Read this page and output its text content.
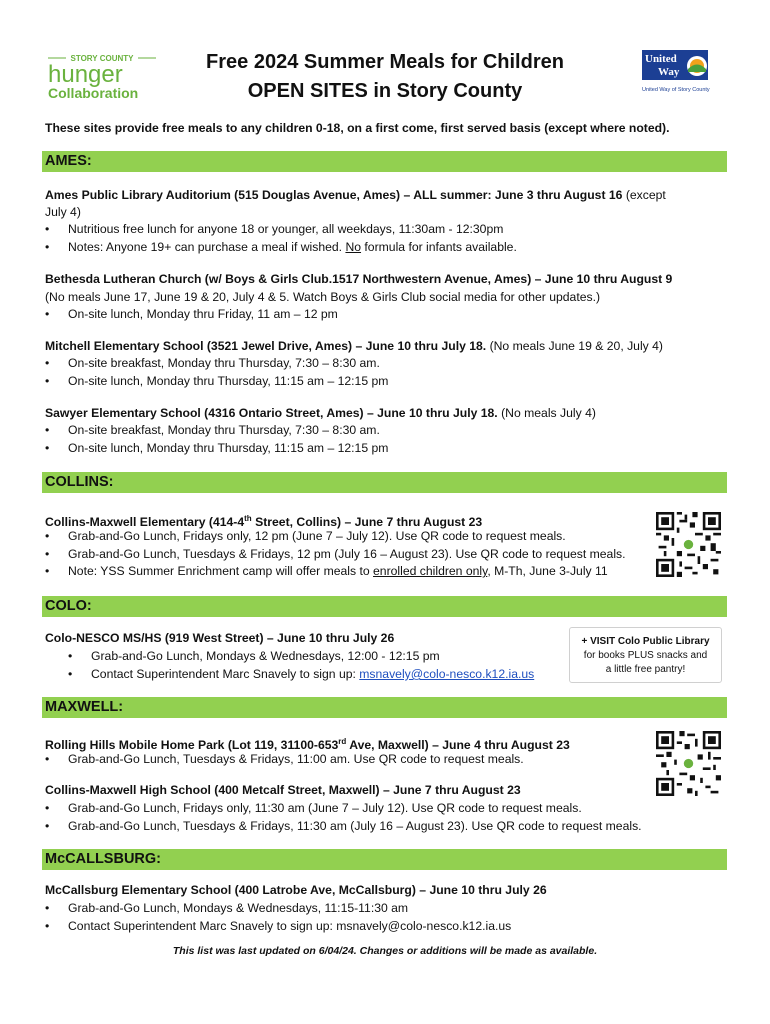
STORY COUNTY
hunger
Collaboration
United
Way
United Way of Story County
Free 2024 Summer Meals for Children
OPEN SITES in Story County
These sites provide free meals to any children 0-18, on a first come, first served basis (except where noted).
AMES:
Ames Public Library Auditorium (515 Douglas Avenue, Ames) – ALL summer: June 3 thru August 16 (except
July 4)
• Nutritious free lunch for anyone 18 or younger, all weekdays, 11:30am - 12:30pm
• Notes: Anyone 19+ can purchase a meal if wished. No formula for infants available.
Bethesda Lutheran Church (w/ Boys & Girls Club.1517 Northwestern Avenue, Ames) – June 10 thru August 9
(No meals June 17, June 19 & 20, July 4 & 5. Watch Boys & Girls Club social media for other updates.)
• On-site lunch, Monday thru Friday, 11 am – 12 pm
Mitchell Elementary School (3521 Jewel Drive, Ames) – June 10 thru July 18. (No meals June 19 & 20, July 4)
• On-site breakfast, Monday thru Thursday, 7:30 – 8:30 am.
• On-site lunch, Monday thru Thursday, 11:15 am – 12:15 pm
Sawyer Elementary School (4316 Ontario Street, Ames) – June 10 thru July 18. (No meals July 4)
• On-site breakfast, Monday thru Thursday, 7:30 – 8:30 am.
• On-site lunch, Monday thru Thursday, 11:15 am – 12:15 pm
COLLINS:
Collins-Maxwell Elementary (414-4th Street, Collins) – June 7 thru August 23
• Grab-and-Go Lunch, Fridays only, 12 pm (June 7 – July 12). Use QR code to request meals.
• Grab-and-Go Lunch, Tuesdays & Fridays, 12 pm (July 16 – August 23). Use QR code to request meals.
• Note: YSS Summer Enrichment camp will offer meals to enrolled children only, M-Th, June 3-July 11
COLO:
Colo-NESCO MS/HS (919 West Street) – June 10 thru July 26
• Grab-and-Go Lunch, Mondays & Wednesdays, 12:00 - 12:15 pm
• Contact Superintendent Marc Snavely to sign up: msnavely@colo-nesco.k12.ia.us
+ VISIT Colo Public Library
for books PLUS snacks and
a little free pantry!
MAXWELL:
Rolling Hills Mobile Home Park (Lot 119, 31100-653rd Ave, Maxwell) – June 4 thru August 23
• Grab-and-Go Lunch, Tuesdays & Fridays, 11:00 am. Use QR code to request meals.
Collins-Maxwell High School (400 Metcalf Street, Maxwell) – June 7 thru August 23
• Grab-and-Go Lunch, Fridays only, 11:30 am (June 7 – July 12). Use QR code to request meals.
• Grab-and-Go Lunch, Tuesdays & Fridays, 11:30 am (July 16 – August 23). Use QR code to request meals.
McCALLSBURG:
McCallsburg Elementary School (400 Latrobe Ave, McCallsburg) – June 10 thru July 26
• Grab-and-Go Lunch, Mondays & Wednesdays, 11:15-11:30 am
• Contact Superintendent Marc Snavely to sign up: msnavely@colo-nesco.k12.ia.us
This list was last updated on 6/04/24. Changes or additions will be made as available.
